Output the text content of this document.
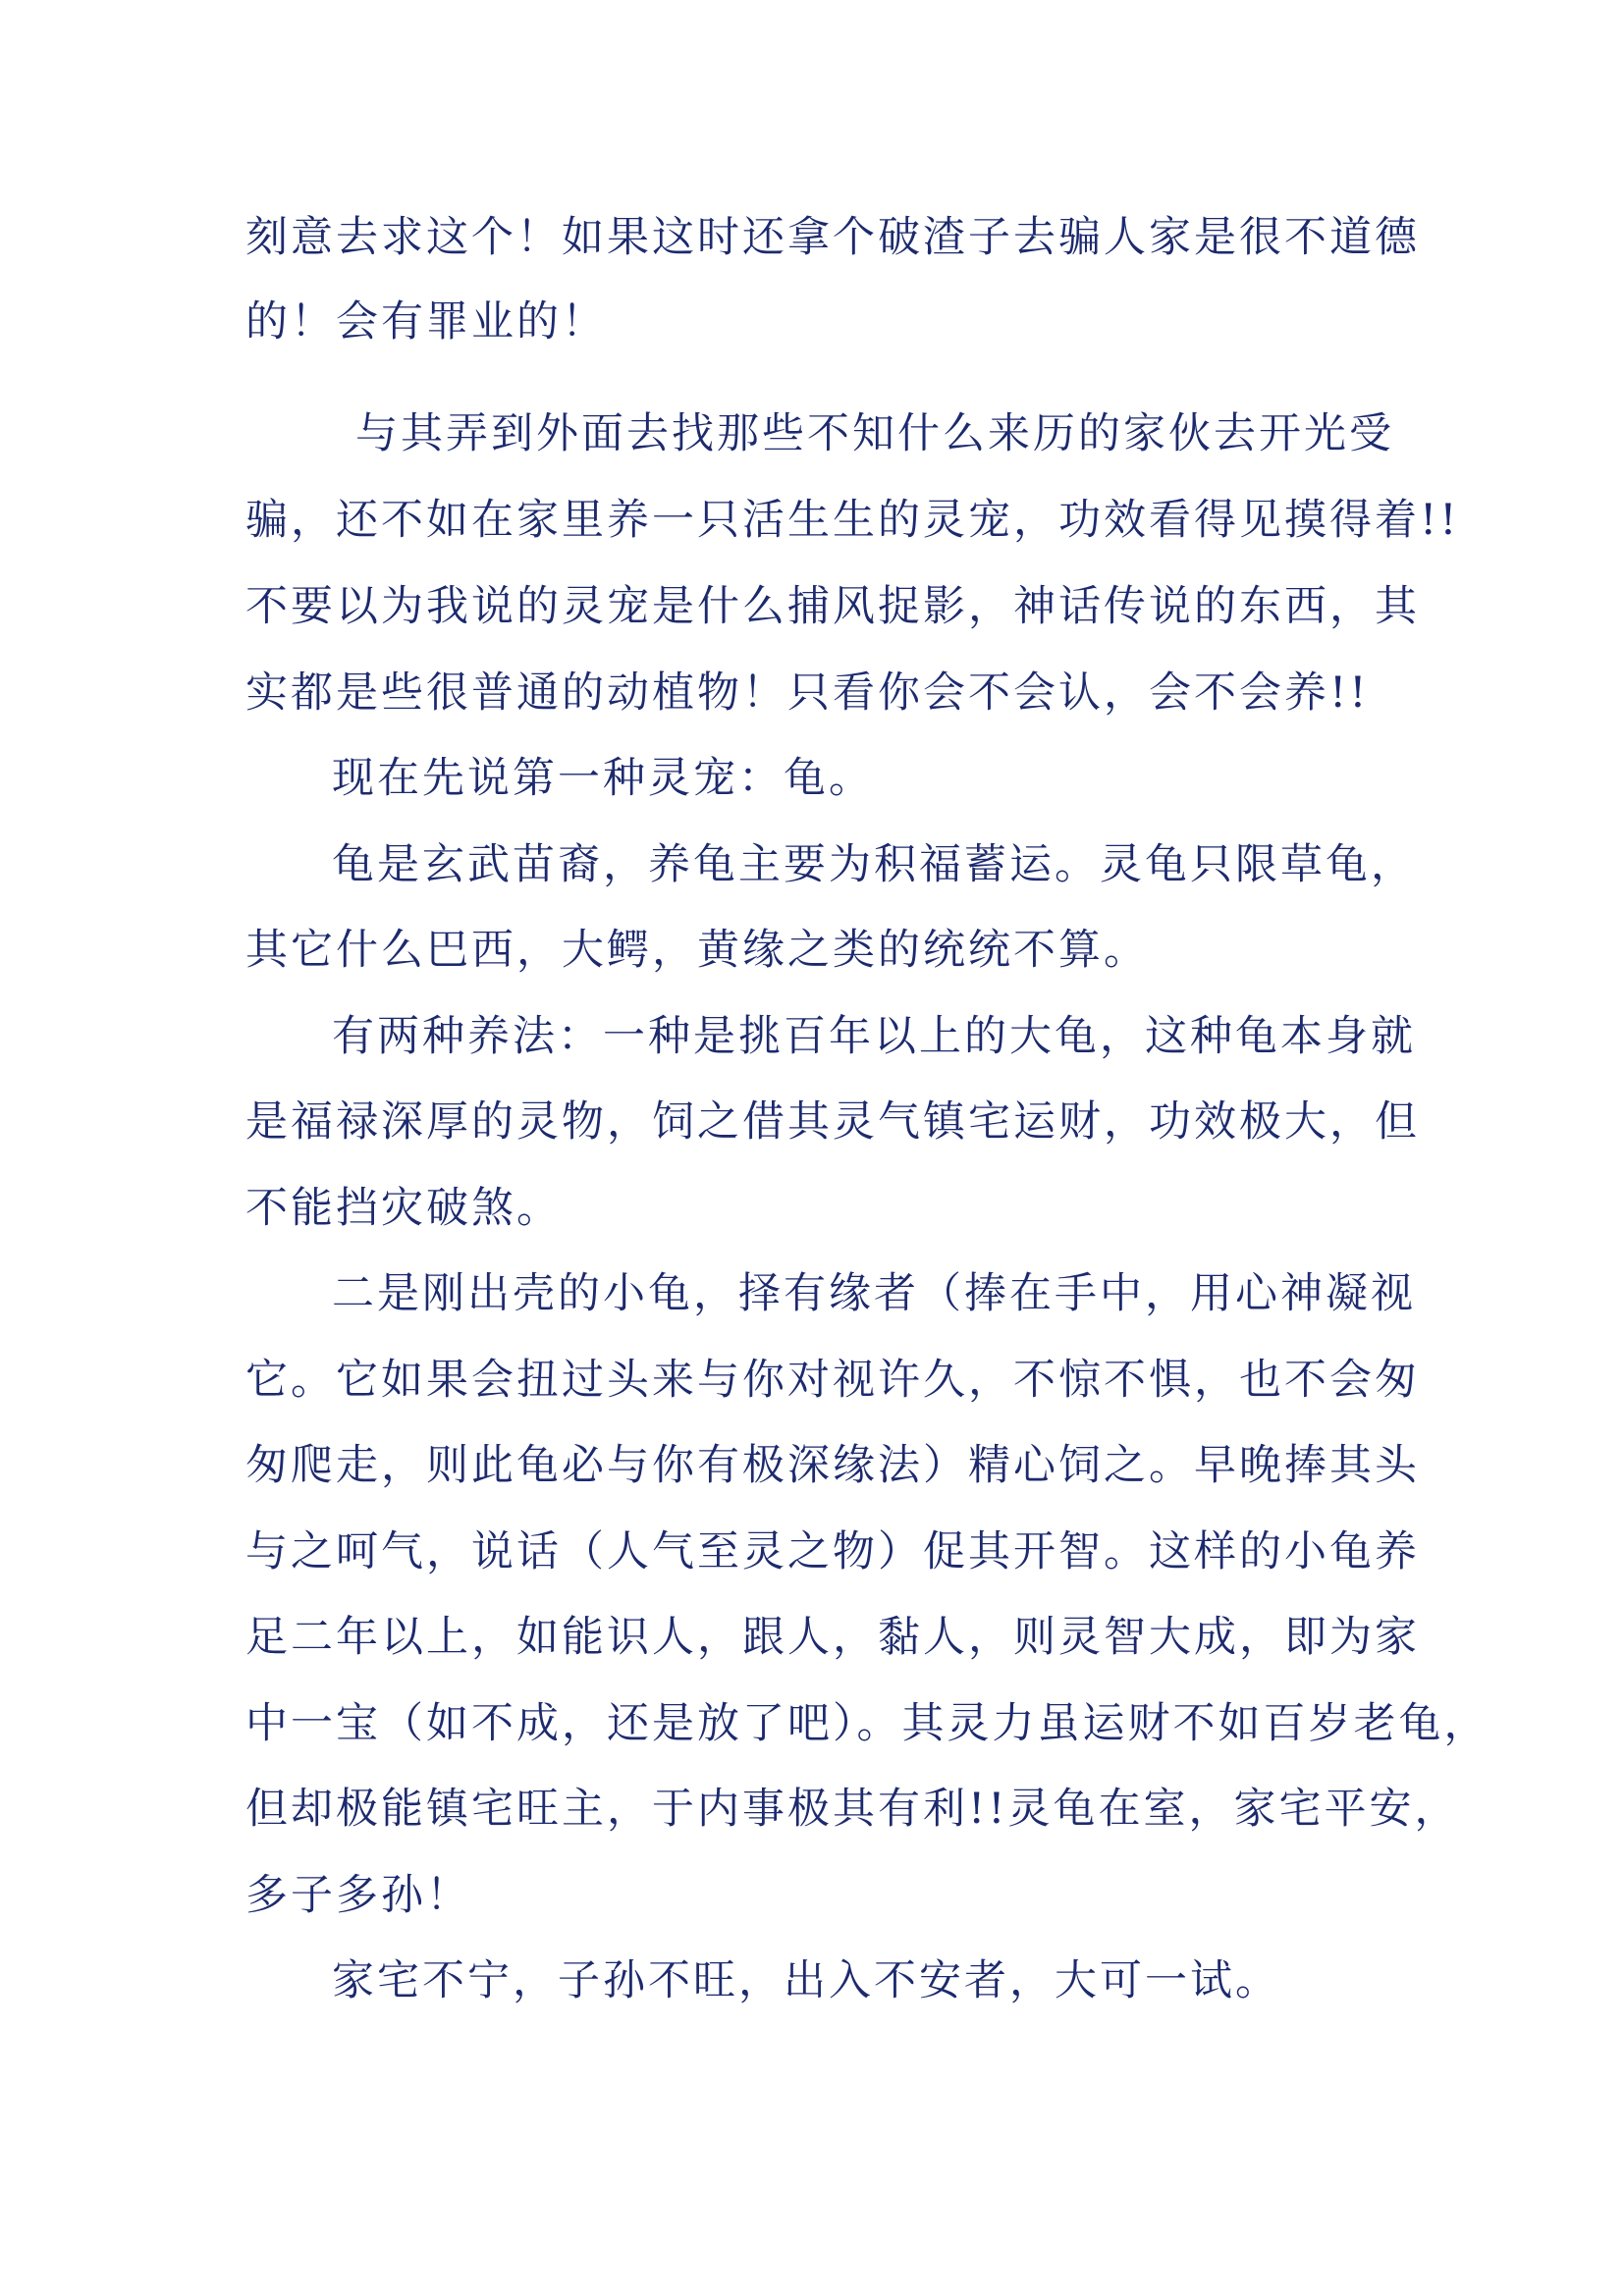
刻意去求这个！如果这时还拿个破渣子去骗人家是很不道德

的！会有罪业的！

与其弄到外面去找那些不知什么来历的家伙去开光受

骗，还不如在家里养一只活生生的灵宠，功效看得见摸得着!!

不要以为我说的灵宠是什么捕风捉影，神话传说的东西，其

实都是些很普通的动植物！只看你会不会认，会不会养!!

现在先说第一种灵宠：龟。

龟是玄武苗裔，养龟主要为积福蓄运。灵龟只限草龟，

其它什么巴西，大鳄，黄缘之类的统统不算。

有两种养法：一种是挑百年以上的大龟，这种龟本身就

是福禄深厚的灵物，饲之借其灵气镇宅运财，功效极大，但

不能挡灾破煞。

二是刚出壳的小龟，择有缘者（捧在手中，用心神凝视

它。它如果会扭过头来与你对视许久，不惊不惧，也不会匆

匆爬走，则此龟必与你有极深缘法）精心饲之。早晚捧其头

与之呵气，说话（人气至灵之物）促其开智。这样的小龟养

足二年以上，如能识人，跟人，黏人，则灵智大成，即为家

中一宝（如不成，还是放了吧）。其灵力虽运财不如百岁老龟，

但却极能镇宅旺主，于内事极其有利!!灵龟在室，家宅平安，

多子多孙！

家宅不宁，子孙不旺，出入不安者，大可一试。
